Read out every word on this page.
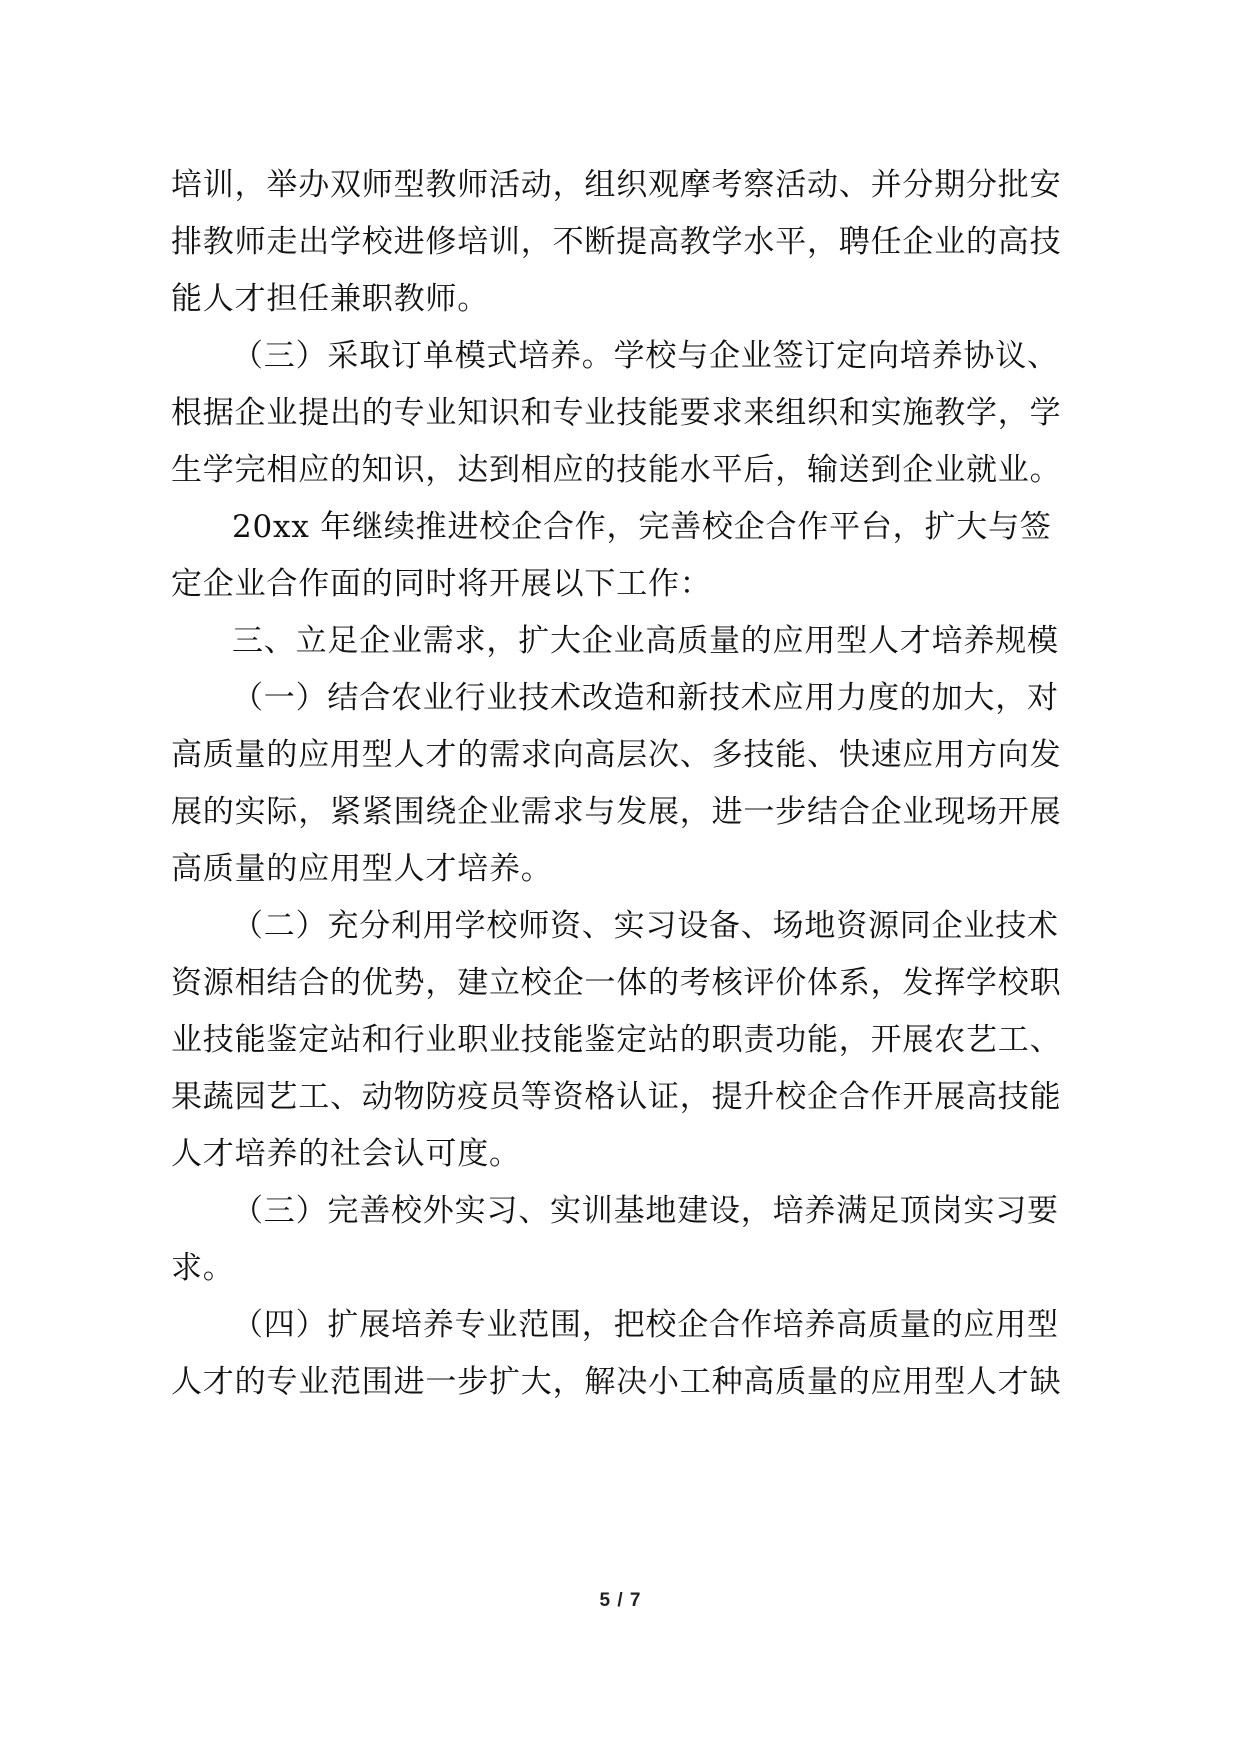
培训，举办双师型教师活动，组织观摩考察活动、并分期分批安
排教师走出学校进修培训，不断提高教学水平，聘任企业的高技
能人才担任兼职教师。
（三）采取订单模式培养。学校与企业签订定向培养协议、
根据企业提出的专业知识和专业技能要求来组织和实施教学，学
生学完相应的知识，达到相应的技能水平后，输送到企业就业。
20xx 年继续推进校企合作，完善校企合作平台，扩大与签
定企业合作面的同时将开展以下工作：
三、立足企业需求，扩大企业高质量的应用型人才培养规模
（一）结合农业行业技术改造和新技术应用力度的加大，对
高质量的应用型人才的需求向高层次、多技能、快速应用方向发
展的实际，紧紧围绕企业需求与发展，进一步结合企业现场开展
高质量的应用型人才培养。
（二）充分利用学校师资、实习设备、场地资源同企业技术
资源相结合的优势，建立校企一体的考核评价体系，发挥学校职
业技能鉴定站和行业职业技能鉴定站的职责功能，开展农艺工、
果蔬园艺工、动物防疫员等资格认证，提升校企合作开展高技能
人才培养的社会认可度。
（三）完善校外实习、实训基地建设，培养满足顶岗实习要
求。
（四）扩展培养专业范围，把校企合作培养高质量的应用型
人才的专业范围进一步扩大，解决小工种高质量的应用型人才缺
5 / 7
